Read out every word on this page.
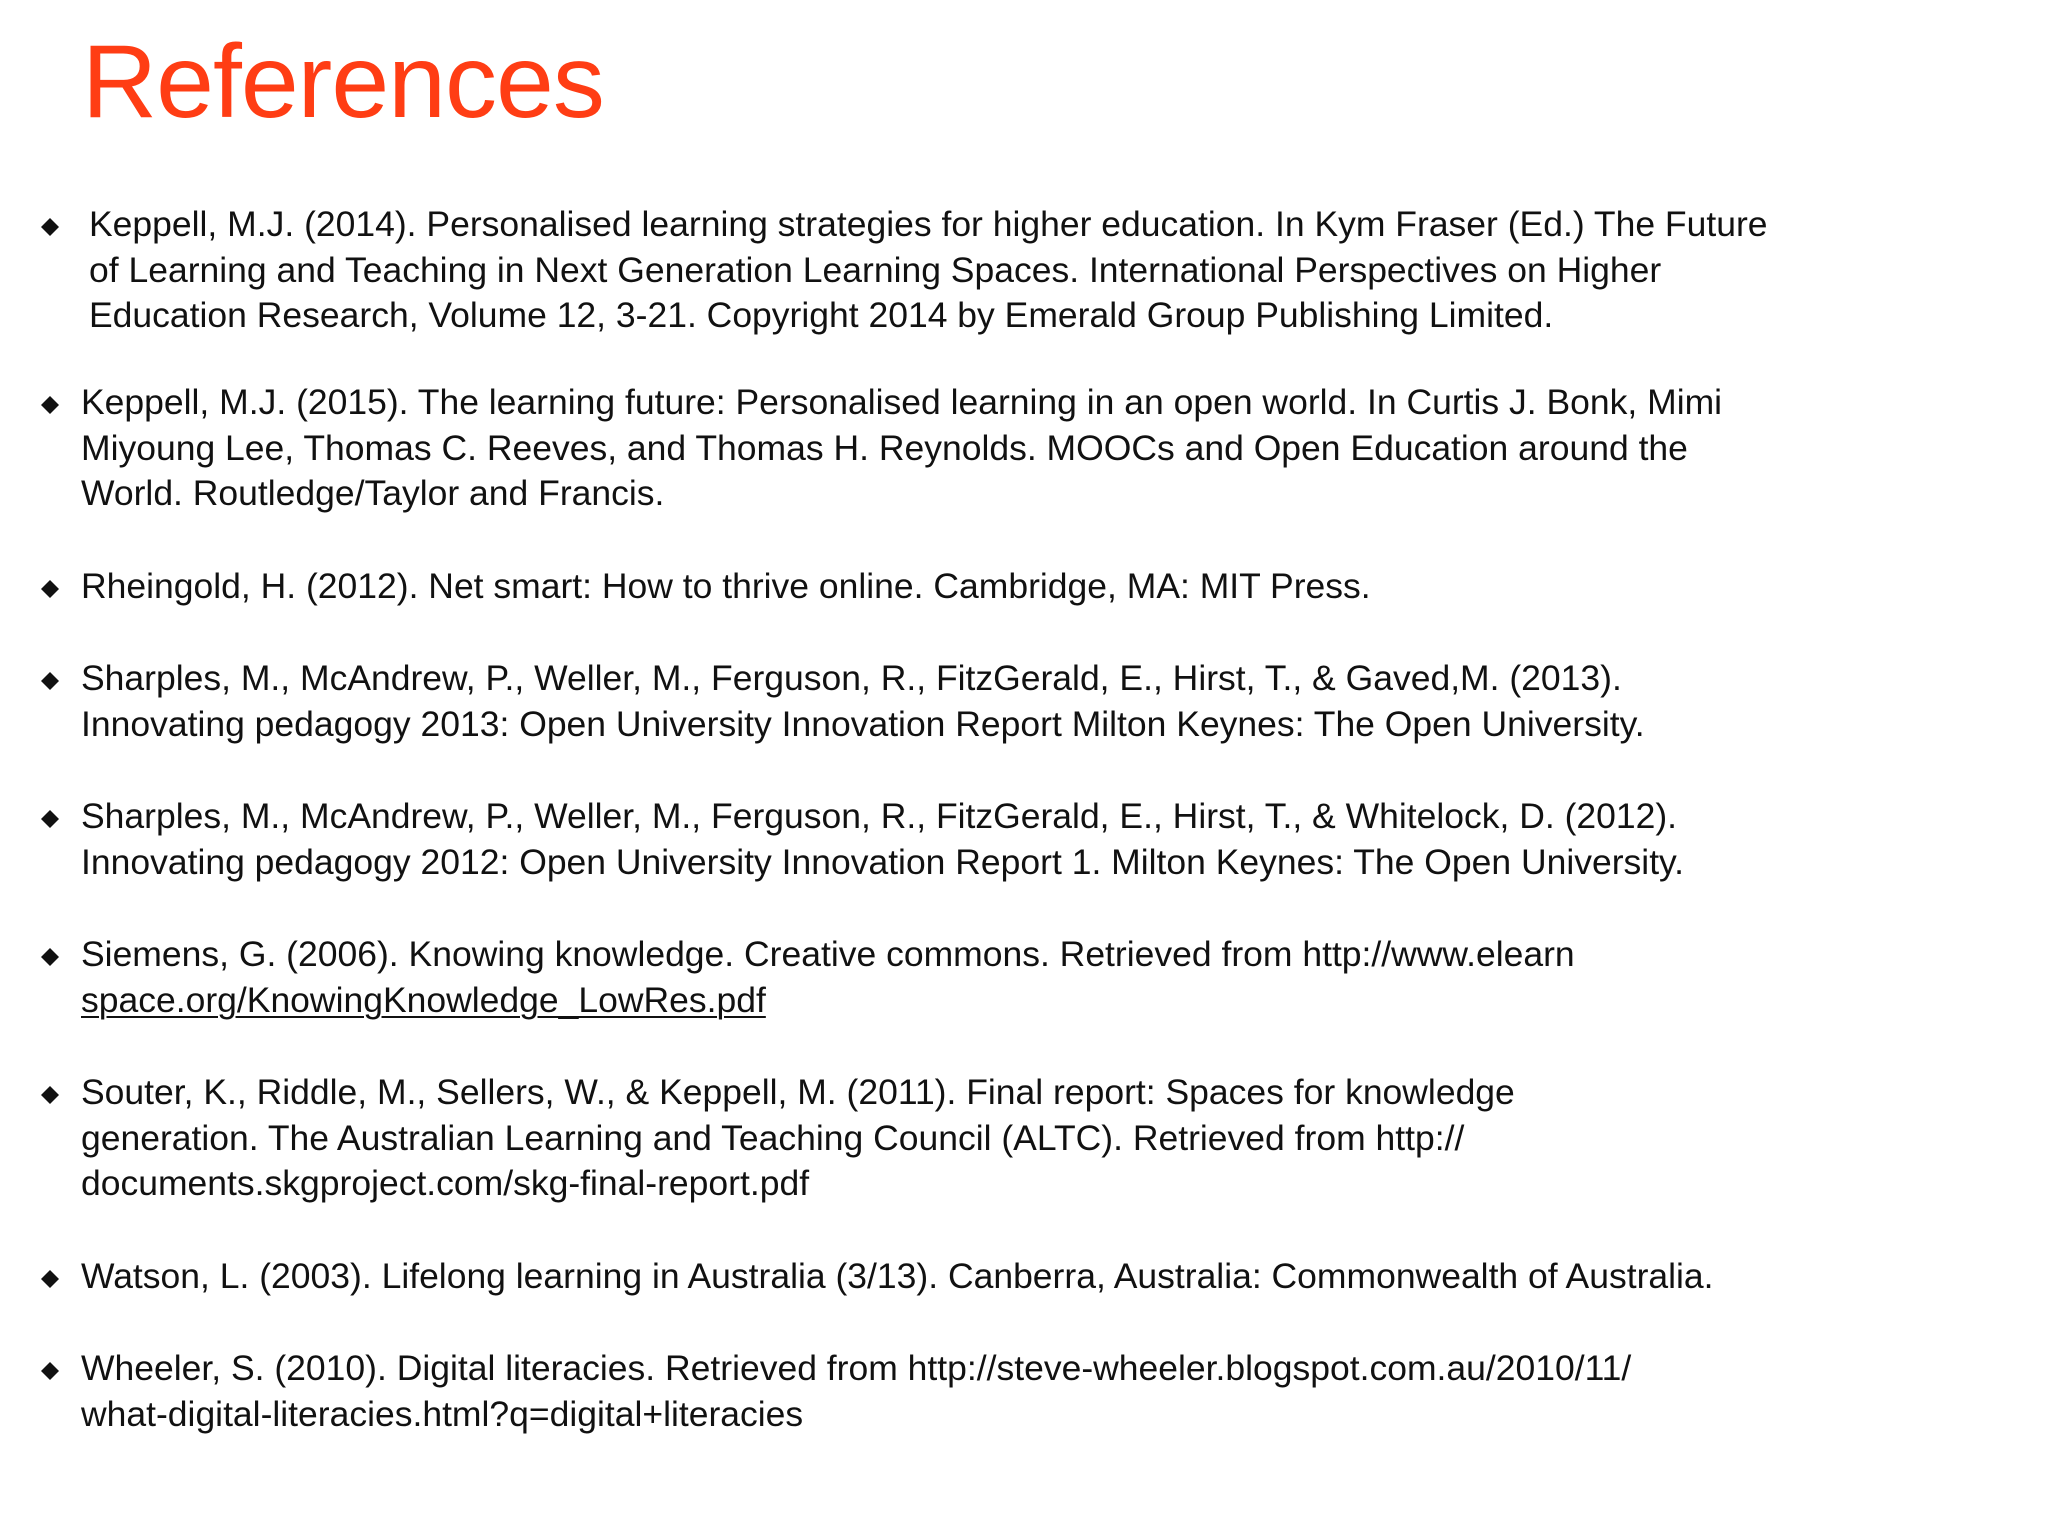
References
Keppell, M.J. (2014). Personalised learning strategies for higher education. In Kym Fraser (Ed.) The Future
of Learning and Teaching in Next Generation Learning Spaces. International Perspectives on Higher
Education Research, Volume 12, 3-21. Copyright 2014 by Emerald Group Publishing Limited.
Keppell, M.J. (2015). The learning future: Personalised learning in an open world. In Curtis J. Bonk, Mimi
Miyoung Lee, Thomas C. Reeves, and Thomas H. Reynolds. MOOCs and Open Education around the
World. Routledge/Taylor and Francis.
Rheingold, H. (2012). Net smart: How to thrive online. Cambridge, MA: MIT Press.
Sharples, M., McAndrew, P., Weller, M., Ferguson, R., FitzGerald, E., Hirst, T., & Gaved,M. (2013).
Innovating pedagogy 2013: Open University Innovation Report Milton Keynes: The Open University.
Sharples, M., McAndrew, P., Weller, M., Ferguson, R., FitzGerald, E., Hirst, T., & Whitelock, D. (2012).
Innovating pedagogy 2012: Open University Innovation Report 1. Milton Keynes: The Open University.
Siemens, G. (2006). Knowing knowledge. Creative commons. Retrieved from http://www.elearn
space.org/KnowingKnowledge_LowRes.pdf
Souter, K., Riddle, M., Sellers, W., & Keppell, M. (2011). Final report: Spaces for knowledge
generation. The Australian Learning and Teaching Council (ALTC). Retrieved from http://
documents.skgproject.com/skg-final-report.pdf
Watson, L. (2003). Lifelong learning in Australia (3/13). Canberra, Australia: Commonwealth of Australia.
Wheeler, S. (2010). Digital literacies. Retrieved from http://steve-wheeler.blogspot.com.au/2010/11/
what-digital-literacies.html?q=digital+literacies
